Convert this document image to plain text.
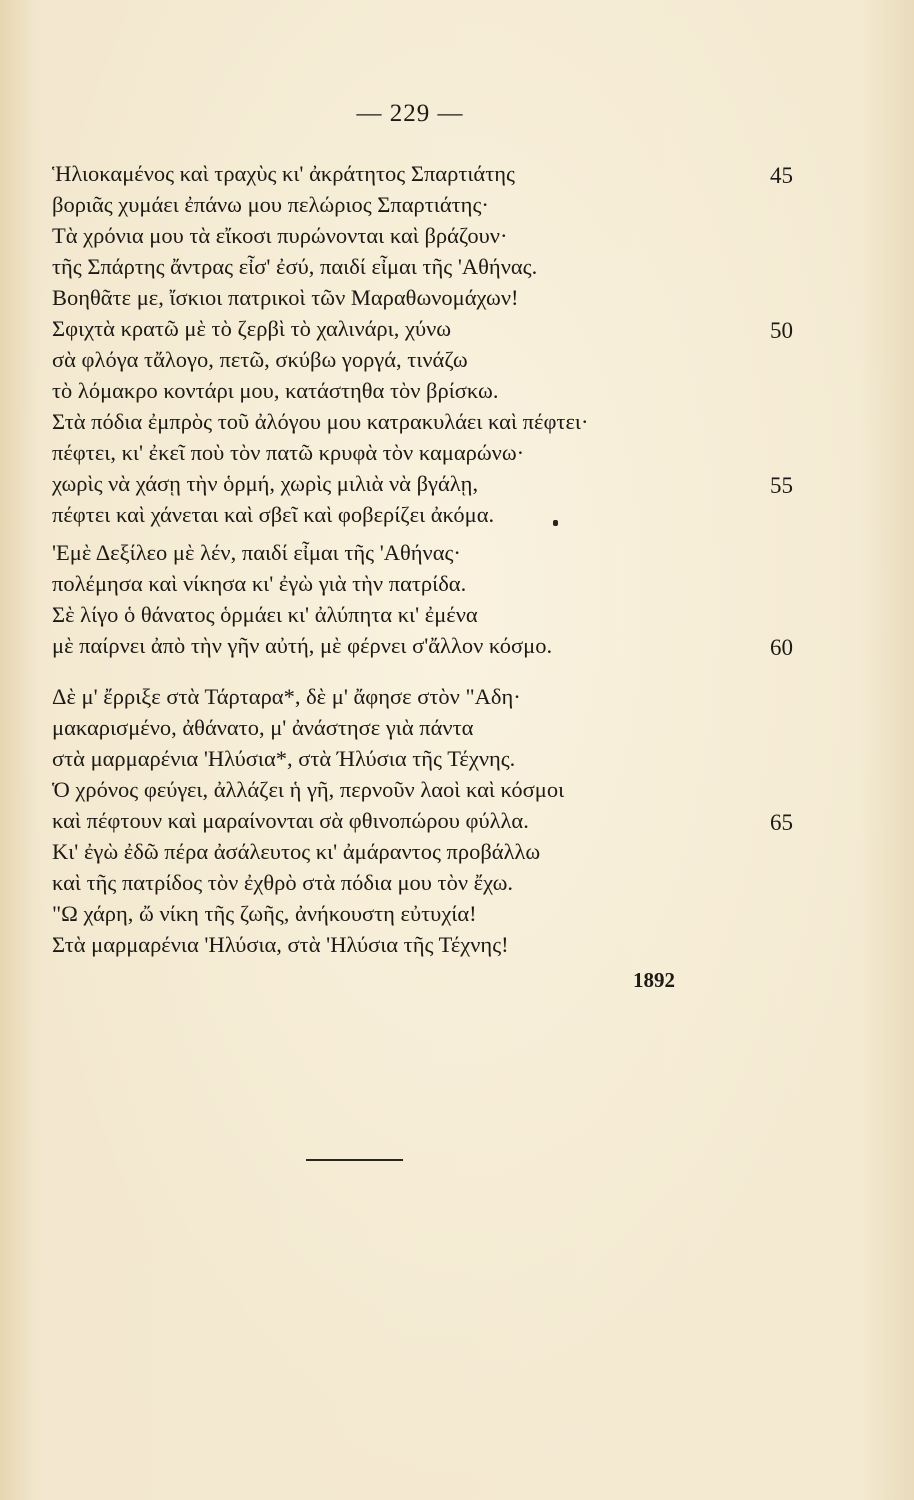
— 229 —
Ἡλιοκαμένος καὶ τραχὺς κι' ἀκράτητος Σπαρτιάτης	45
βοριᾶς χυμάει ἐπάνω μου πελώριος Σπαρτιάτης·
Τὰ χρόνια μου τὰ εἴκοσι πυρώνονται καὶ βράζουν·
τῆς Σπάρτης ἄντρας εἶσ' ἐσύ, παιδί εἶμαι τῆς 'Αθήνας.
Βοηθᾶτε με, ἴσκιοι πατρικοὶ τῶν Μαραθωνομάχων!
Σφιχτὰ κρατῶ μὲ τὸ ζερβὶ τὸ χαλινάρι, χύνω	50
σὰ φλόγα τἄλογο, πετῶ, σκύβω γοργά, τινάζω
τὸ λόμακρο κοντάρι μου, κατάστηθα τὸν βρίσκω.
Στὰ πόδια ἐμπρὸς τοῦ ἀλόγου μου κατρακυλάει καὶ πέφτει·
πέφτει, κι' ἐκεῖ ποὺ τὸν πατῶ κρυφὰ τὸν καμαρώνω·
χωρὶς νὰ χάσῃ τὴν ὁρμή, χωρὶς μιλιὰ νὰ βγάλῃ,	55
πέφτει καὶ χάνεται καὶ σβεῖ καὶ φοβερίζει ἀκόμα.
'Εμὲ Δεξίλεο μὲ λέν, παιδί εἶμαι τῆς 'Αθήνας·
πολέμησα καὶ νίκησα κι' ἐγὼ γιὰ τὴν πατρίδα.
Σὲ λίγο ὁ θάνατος ὁρμάει κι' ἀλύπητα κι' ἐμένα
μὲ παίρνει ἀπὸ τὴν γῆν αὐτή, μὲ φέρνει σ'ἄλλον κόσμο.	60
Δὲ μ' ἔρριξε στὰ Τάρταρα*, δὲ μ' ἄφησε στὸν "Αδη·
μακαρισμένο, ἀθάνατο, μ' ἀνάστησε γιὰ πάντα
στὰ μαρμαρένια 'Ηλύσια*, στὰ Ήλύσια τῆς Τέχνης.
Ὁ χρόνος φεύγει, ἀλλάζει ἡ γῆ, περνοῦν λαοὶ καὶ κόσμοι
καὶ πέφτουν καὶ μαραίνονται σὰ φθινοπώρου φύλλα.	65
Κι' ἐγὼ ἐδῶ πέρα ἀσάλευτος κι' ἀμάραντος προβάλλω
καὶ τῆς πατρίδος τὸν ἐχθρὸ στὰ πόδια μου τὸν ἔχω.
"Ω χάρη, ὤ νίκη τῆς ζωῆς, ἀνήκουστη εὐτυχία!
Στὰ μαρμαρένια 'Ηλύσια, στὰ 'Ηλύσια τῆς Τέχνης!
1892
